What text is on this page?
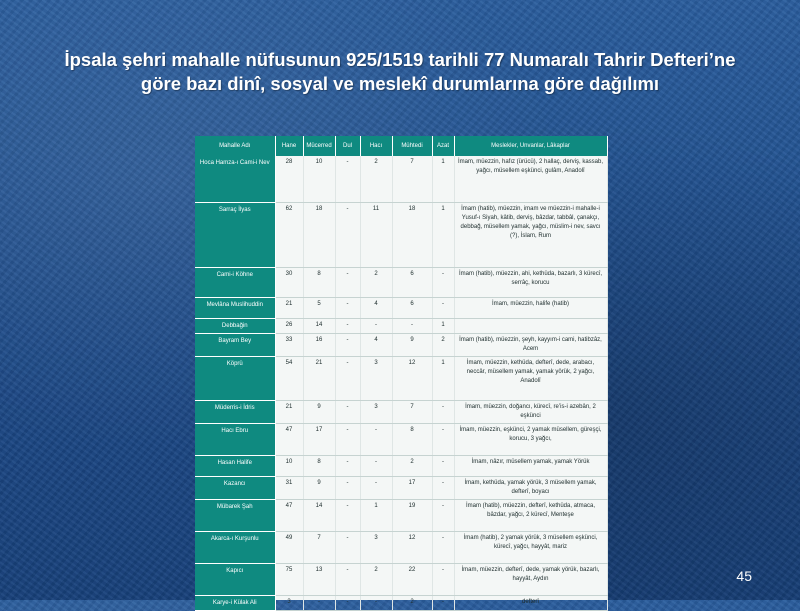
İpsala şehri mahalle nüfusunun 925/1519 tarihli 77 Numaralı Tahrir Defteri’ne
göre bazı dinî, sosyal ve meslekî durumlarına göre dağılımı
Mahalle Adı	Hane	Mücerred	Dul	Hacı	Mühtedi	Azat	Meslekler, Unvanlar, Lâkaplar
Hoca Hamza-ı Cami-i Nev	28	10	-	2	7	1	İmam, müezzin, hafız (ürücü), 2 hallaç, derviş, kassab, yağcı, müsellem eşkünci, gulâm, Anadolî
Sarraç İlyas	62	18	-	11	18	1	İmam (hatib), müezzin, imam ve müezzin-i mahalle-i Yusuf-ı Siyah, kâtib, derviş, bâzdar, tabbâl, çanakçı, debbağ, müsellem yamak, yağcı, müslim-i nev, savcı (?), İslam, Rum
Cami-i Köhne	30	8	-	2	6	-	İmam (hatib), müezzin, ahi, kethüda, bazarlı, 3 kürecî, serrâç, korucu
Mevlâna Muslihuddin	21	5	-	4	6	-	İmam, müezzin, halife (hatib)
Debbağin	26	14	-	-	-	1	
Bayram Bey	33	16	-	4	9	2	İmam (hatib), müezzin, şeyh, kayyım-i cami, hatibzâz, Acem
Köprü	54	21	-	3	12	1	İmam, müezzin, kethüda, defterî, dede, arabacı, neccâr, müsellem yamak, yamak yörük, 2 yağcı, Anadolî
Müderris-i İdris	21	9	-	3	7	-	İmam, müezzin, doğancı, kürecî, re’is-i azebân, 2 eşkünci
Hacı Ebru	47	17	-	-	8	-	İmam, müezzin, eşkünci, 2 yamak müsellem, güreşçi, korucu, 3 yağcı,
Hasan Halife	10	8	-	-	2	-	İmam, nâzır, müsellem yamak, yamak Yörük
Kazancı	31	9	-	-	17	-	İmam, kethüda, yamak yörük, 3 müsellem yamak, defterî, boyacı
Mübarek Şah	47	14	-	1	19	-	İmam (hatib), müezzin, defterî, kethüda, atmaca, bâzdar, yağcı, 2 kürecî, Menteşe
Akarca-ı Kurşunlu	49	7	-	3	12	-	İmam (hatib), 2 yamak yörük, 3 müsellem eşkünci, kürecî, yağcı, hayyât, mariz
Kapıcı	75	13	-	2	22	-	İmam, müezzin, defterî, dede, yamak yörük, bazarlı, hayyât, Aydın
Karye-i Külak Ali	3	-	-	-	2	-	defterî
45
